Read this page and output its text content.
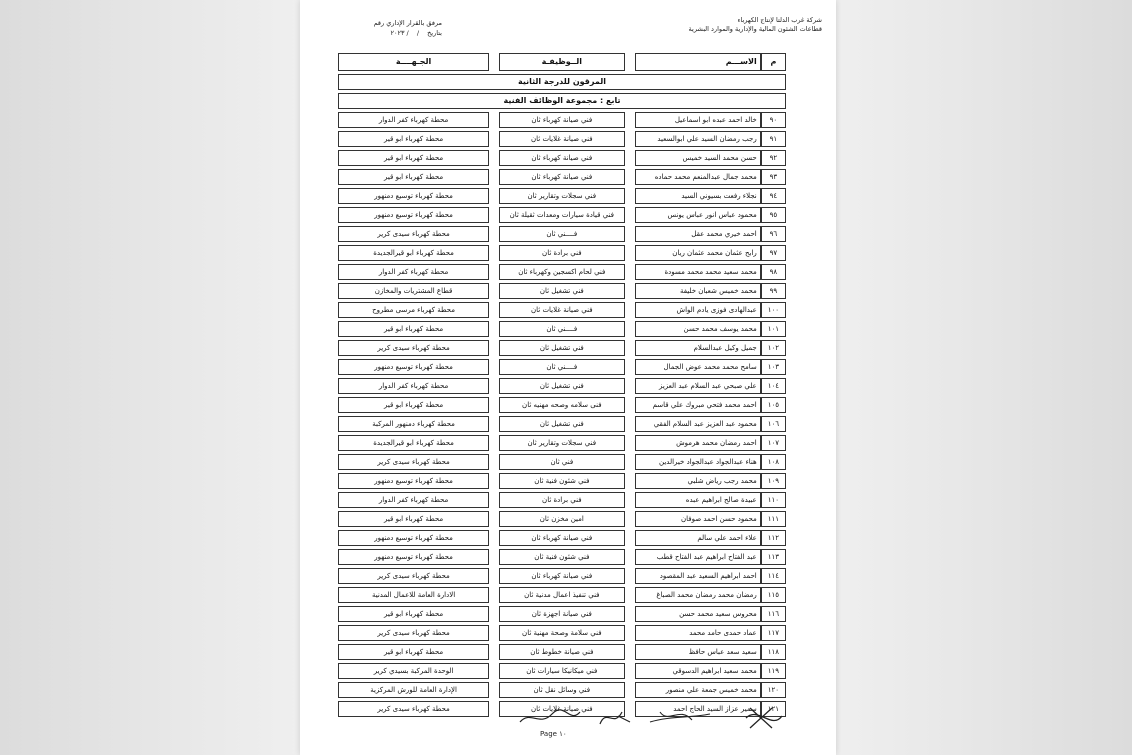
شركة غرب الدلتا لإنتاج الكهرباء
قطاعات الشئون المالية والإدارية والموارد البشرية
مرفق بالقرار الإداري رقم
بتاريخ / / ٢٠٢٣
م	الاســـم		الــوظيفـة		الجـهــــة
المرقون للدرجة الثانية					
تابع : مجموعة الوظائف الفنية					
٩٠	خالد احمد عبده ابو اسماعيل		فني صيانة كهرباء ثان		محطة كهرباء كفر الدوار
٩١	رجب رمضان السيد علي ابوالسعيد		فني صيانة غلايات ثان		محطة كهرباء ابو قير
٩٢	حسن محمد السيد خميس		فني صيانة كهرباء ثان		محطة كهرباء ابو قير
٩٣	محمد جمال عبدالمنعم محمد حماده		فني صيانة كهرباء ثان		محطة كهرباء ابو قير
٩٤	نجلاء رفعت بسيوني السيد		فني سجلات وتقارير ثان		محطة كهرباء توسيع دمنهور
٩٥	محمود عباس انور عباس يونس		فني قيادة سيارات ومعدات ثقيلة ثان		محطة كهرباء توسيع دمنهور
٩٦	احمد خيري محمد عقل		فــــني ثان		محطة كهرباء سيدى كرير
٩٧	رابح عثمان محمد عثمان ريان		فني برادة ثان		محطة كهرباء ابو قيرالجديدة
٩٨	محمد سعيد محمد محمد مسودة		فني لحام اكسجين وكهرباء ثان		محطة كهرباء كفر الدوار
٩٩	محمد خميس شعبان خليفة		فني تشغيل ثان		قطاع المشتريات والمخازن
١٠٠	عبدالهادى فوزى يادم الواش		فني صيانة غلايات ثان		محطة كهرباء مرسى مطروح
١٠١	محمد يوسف محمد حسن		فــــني ثان		محطة كهرباء ابو قير
١٠٢	جميل وكيل عبدالسلام		فني تشغيل ثان		محطة كهرباء سيدى كرير
١٠٣	سامح محمد محمد عوض الجمال		فــــني ثان		محطة كهرباء توسيع دمنهور
١٠٤	علي صبحي عبد السلام عبد العزيز		فني تشغيل ثان		محطة كهرباء كفر الدوار
١٠٥	احمد محمد فتحي مبروك علي قاسم		فنى سلامه وصحه مهنيه ثان		محطة كهرباء ابو قير
١٠٦	محمود عبد العزيز عبد السلام الفقي		فني تشغيل ثان		محطة كهرباء دمنهور المركبة
١٠٧	احمد رمضان محمد هرموش		فني سجلات وتقارير ثان		محطة كهرباء ابو قيرالجديدة
١٠٨	هناء عبدالجواد عبدالجواد خيرالدين		فني ثان		محطة كهرباء سيدى كرير
١٠٩	محمد رجب رياض شلبي		فني شئون فنية ثان		محطة كهرباء توسيع دمنهور
١١٠	عبيدة صالح ابراهيم عبده		فني برادة ثان		محطة كهرباء كفر الدوار
١١١	محمود حسن احمد صوفان		امين مخزن ثان		محطة كهرباء ابو قير
١١٢	علاء احمد علي سالم		فني صيانة كهرباء ثان		محطة كهرباء توسيع دمنهور
١١٣	عبد الفتاح ابراهيم عبد الفتاح قطب		فني شئون فنية ثان		محطة كهرباء توسيع دمنهور
١١٤	احمد ابراهيم السعيد عبد المقصود		فني صيانة كهرباء ثان		محطة كهرباء سيدى كرير
١١٥	رمضان محمد رمضان محمد الصباغ		فني تنفيذ اعمال مدنية ثان		الادارة العامة للاعمال المدنية
١١٦	محروس سعيد محمد حسن		فني صيانة اجهزة ثان		محطة كهرباء ابو قير
١١٧	عماد حمدى حامد محمد		فني سلامة وصحة مهنية ثان		محطة كهرباء سيدى كرير
١١٨	سعيد سعد عباس حافظ		فني صيانة خطوط ثان		محطة كهرباء ابو قير
١١٩	محمد سعيد ابراهيم الدسوقي		فني ميكانيكا سيارات ثان		الوحدة المركبة بسيدي كرير
١٢٠	محمد خميس جمعة علي منصور		فني وسائل نقل ثان		الإدارة العامة للورش المركزية
١٢١	سمير عزاز السيد الحاج احمد		فني صيانة غلايات ثان		محطة كهرباء سيدى كرير
Page ١٠
